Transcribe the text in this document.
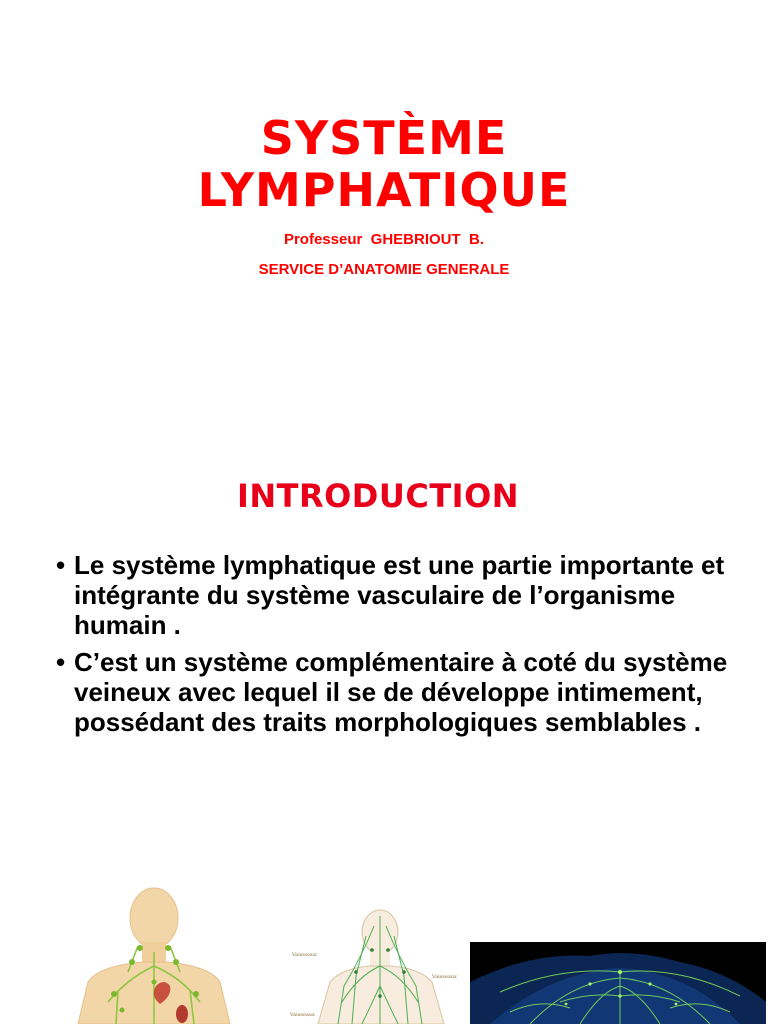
SYSTÈME
LYMPHATIQUE
Professeur  GHEBRIOUT  B.
SERVICE D’ANATOMIE GENERALE
INTRODUCTION
• Le système lymphatique est une partie importante et intégrante du système vasculaire de l’organisme humain .
• C’est un système complémentaire à coté du système veineux avec lequel il se de développe intimement, possédant des traits morphologiques semblables .
Vaisseaux
Vaisseaux
Vaisseaux
